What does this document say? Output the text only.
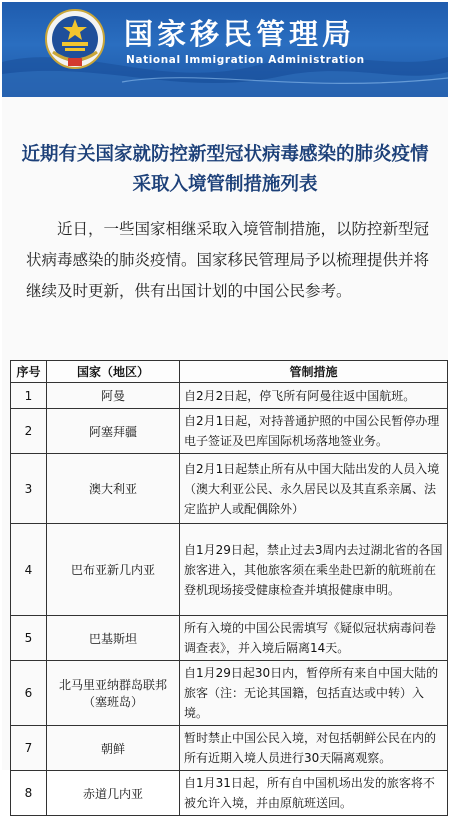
国家移民管理局
National Immigration Administration

近期有关国家就防控新型冠状病毒感染的肺炎疫情

采取入境管制措施列表

近日，一些国家相继采取入境管制措施，以防控新型冠状病毒感染的肺炎疫情。国家移民管理局予以梳理提供并将继续及时更新，供有出国计划的中国公民参考。

序号	国家（地区）	管制措施
1	阿曼	自2月2日起，停飞所有阿曼往返中国航班。
2	阿塞拜疆	自2月1日起，对持普通护照的中国公民暂停办理电子签证及巴库国际机场落地签业务。
3	澳大利亚	自2月1日起禁止所有从中国大陆出发的人员入境（澳大利亚公民、永久居民以及其直系亲属、法定监护人或配偶除外）
4	巴布亚新几内亚	自1月29日起，禁止过去3周内去过湖北省的各国旅客进入，其他旅客须在乘坐赴巴新的航班前在登机现场接受健康检查并填报健康申明。
5	巴基斯坦	所有入境的中国公民需填写《疑似冠状病毒问卷调查表》，并入境后隔离14天。
6	北马里亚纳群岛联邦（塞班岛）	自1月29日起30日内，暂停所有来自中国大陆的旅客（注：无论其国籍，包括直达或中转）入境。
7	朝鲜	暂时禁止中国公民入境，对包括朝鲜公民在内的所有近期入境人员进行30天隔离观察。
8	赤道几内亚	自1月31日起，所有自中国机场出发的旅客将不被允许入境，并由原航班送回。
